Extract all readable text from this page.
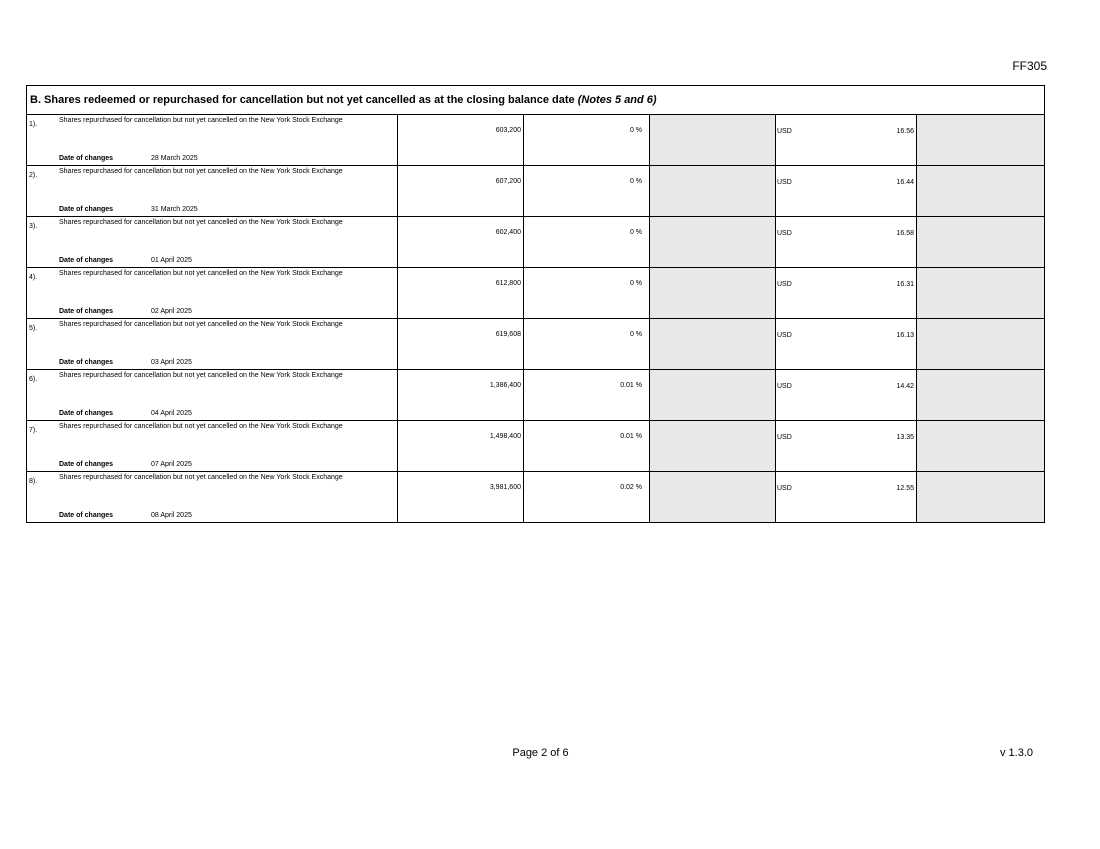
FF305
B. Shares redeemed or repurchased for cancellation but not yet cancelled as at the closing balance date (Notes 5 and 6)					

1).
Shares repurchased for cancellation but not yet cancelled on the New York Stock Exchange
Date of changes 28 March 2025	603,200	0 %		USD 16.56	

2).
Shares repurchased for cancellation but not yet cancelled on the New York Stock Exchange
Date of changes 31 March 2025	607,200	0 %		USD 16.44	

3).
Shares repurchased for cancellation but not yet cancelled on the New York Stock Exchange
Date of changes 01 April 2025	602,400	0 %		USD 16.58	

4).
Shares repurchased for cancellation but not yet cancelled on the New York Stock Exchange
Date of changes 02 April 2025	612,800	0 %		USD 16.31	

5).
Shares repurchased for cancellation but not yet cancelled on the New York Stock Exchange
Date of changes 03 April 2025	619,608	0 %		USD 16.13	

6).
Shares repurchased for cancellation but not yet cancelled on the New York Stock Exchange
Date of changes 04 April 2025	1,386,400	0.01 %		USD 14.42	

7).
Shares repurchased for cancellation but not yet cancelled on the New York Stock Exchange
Date of changes 07 April 2025	1,498,400	0.01 %		USD 13.35	

8).
Shares repurchased for cancellation but not yet cancelled on the New York Stock Exchange
Date of changes 08 April 2025	3,981,600	0.02 %		USD 12.55	

Page 2 of 6	v 1.3.0
